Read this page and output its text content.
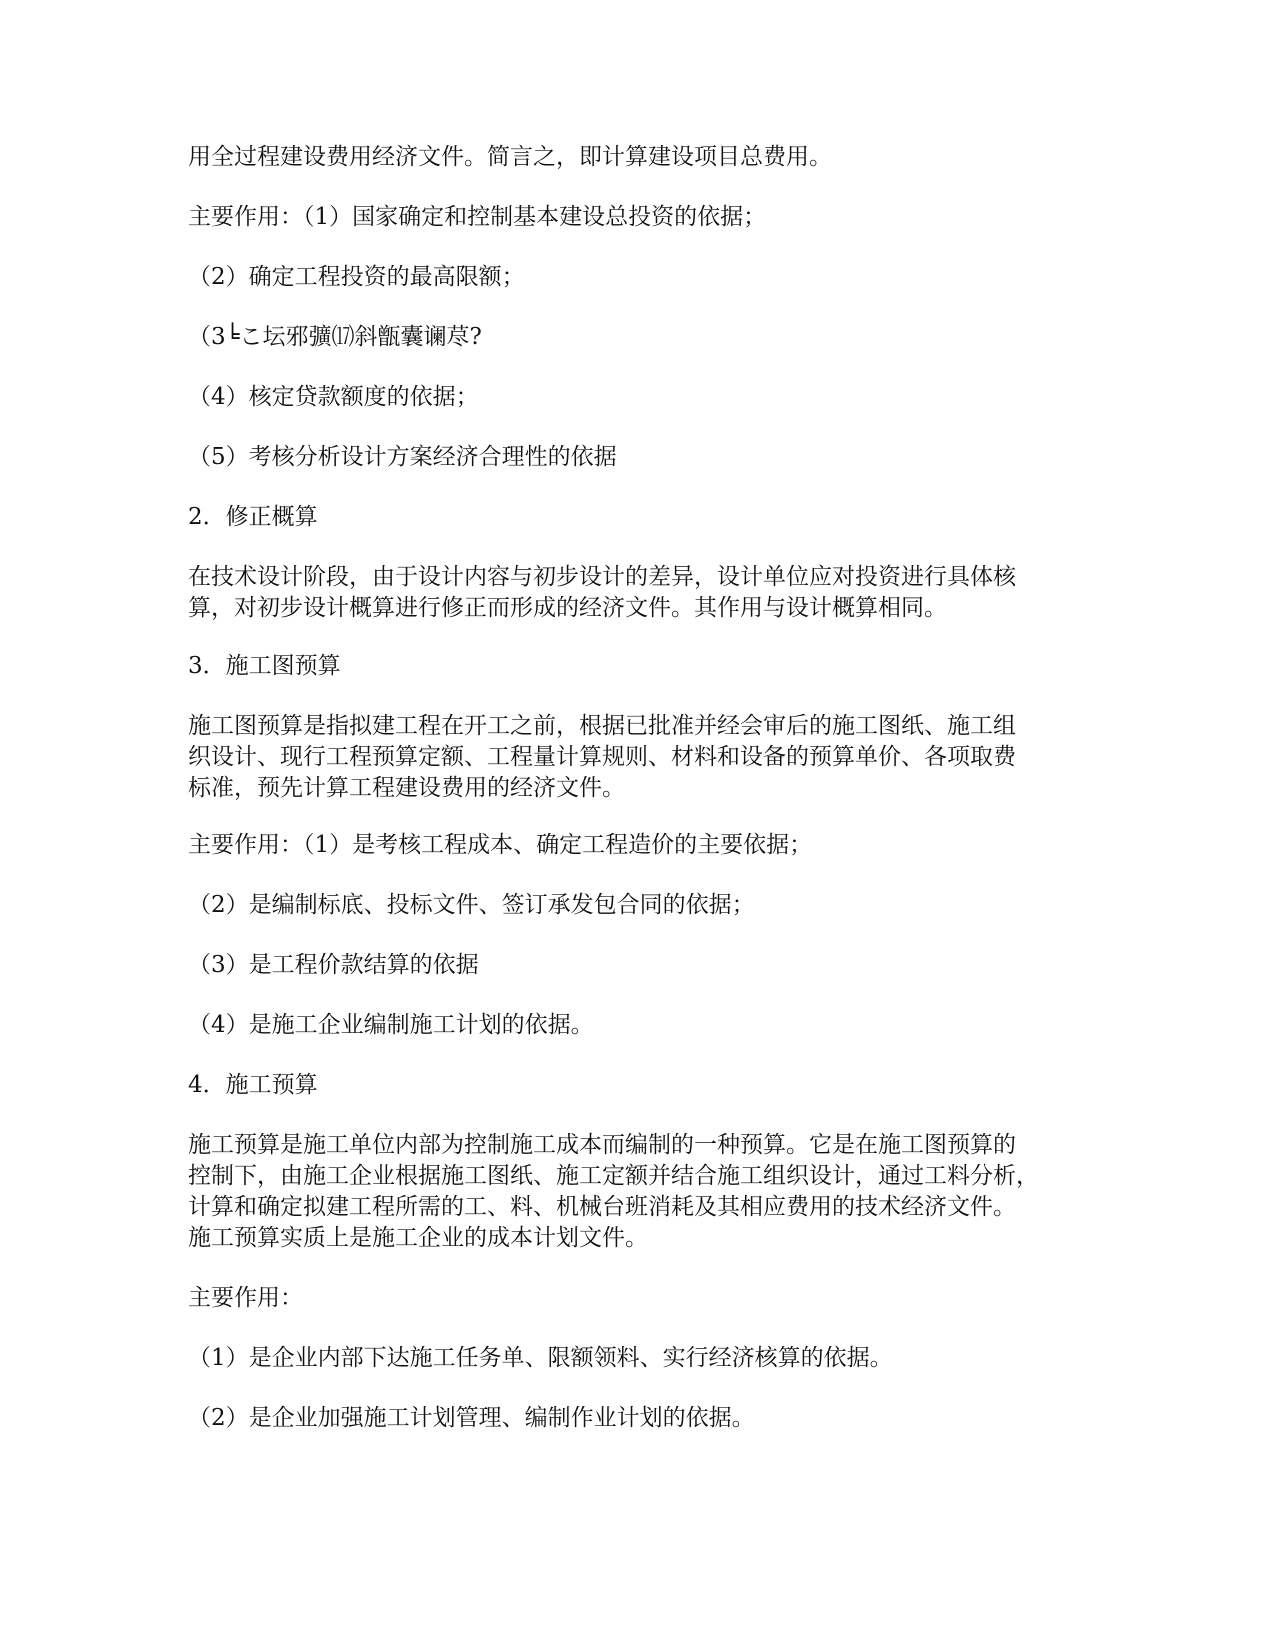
用全过程建设费用经济文件。简言之，即计算建设项目总费用。

主要作用：（1）国家确定和控制基本建设总投资的依据；

（2）确定工程投资的最高限额；

（3╘こ坛邪彍⒄斜甑囊谰荩?

（4）核定贷款额度的依据；

（5）考核分析设计方案经济合理性的依据

2．修正概算

在技术设计阶段，由于设计内容与初步设计的差异，设计单位应对投资进行具体核

算，对初步设计概算进行修正而形成的经济文件。其作用与设计概算相同。

3．施工图预算

施工图预算是指拟建工程在开工之前，根据已批准并经会审后的施工图纸、施工组

织设计、现行工程预算定额、工程量计算规则、材料和设备的预算单价、各项取费

标准，预先计算工程建设费用的经济文件。

主要作用：（1）是考核工程成本、确定工程造价的主要依据；

（2）是编制标底、投标文件、签订承发包合同的依据；

（3）是工程价款结算的依据

（4）是施工企业编制施工计划的依据。

4．施工预算

施工预算是施工单位内部为控制施工成本而编制的一种预算。它是在施工图预算的

控制下，由施工企业根据施工图纸、施工定额并结合施工组织设计，通过工料分析，

计算和确定拟建工程所需的工、料、机械台班消耗及其相应费用的技术经济文件。

施工预算实质上是施工企业的成本计划文件。

主要作用：

（1）是企业内部下达施工任务单、限额领料、实行经济核算的依据。

（2）是企业加强施工计划管理、编制作业计划的依据。
